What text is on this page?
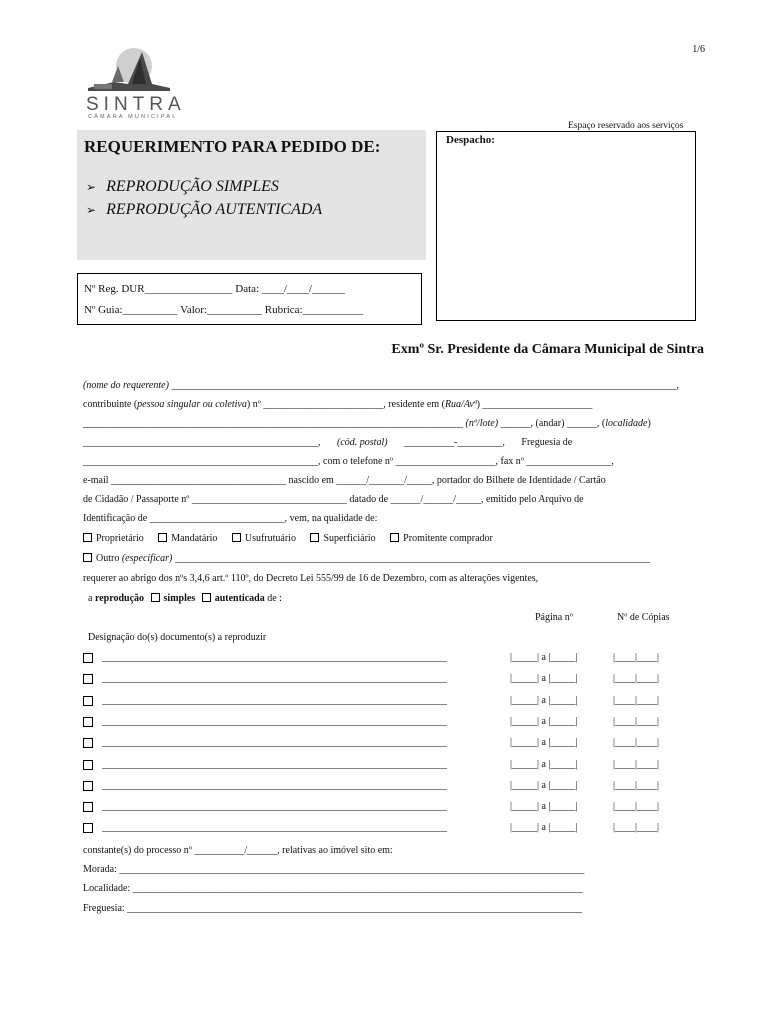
1/6
SINTRA
CÂMARA MUNICIPAL
REQUERIMENTO PARA PEDIDO DE:
➢ REPRODUÇÃO SIMPLES
➢ REPRODUÇÃO AUTENTICADA
Espaço reservado aos serviços
Despacho:
Nº Reg. DUR________________ Data: ____/____/______
Nº Guia:__________ Valor:__________ Rubrica:___________
Exmº Sr. Presidente da Câmara Municipal de Sintra
(nome do requerente) _____________________________________________________________________________________________________,
contribuinte (pessoa singular ou coletiva) nº ________________________, residente em (Rua/Avª) ______________________
____________________________________________________________________________ (nº/lote) ______, (andar) ______, (localidade)
_______________________________________________, (cód. postal) __________-_________, Freguesia de
_______________________________________________, com o telefone nº ____________________, fax nº _________________,
e-mail ___________________________________ nascido em ______/_______/_____, portador do Bilhete de Identidade / Cartão
de Cidadão / Passaporte nº _______________________________ datado de ______/______/_____, emitido pelo Arquivo de
Identificação de ___________________________, vem, na qualidade de:
Proprietário	Mandatário	Usufrutuário	Superficiário	Promitente comprador
Outro (especificar) _______________________________________________________________________________________________
requerer ao abrigo dos nºs 3,4,6 art.º 110º, do Decreto Lei 555/99 de 16 de Dezembro, com as alterações vigentes,
a reprodução simples autenticada de :
Página nº	Nº de Cópias
Designação do(s) documento(s) a reproduzir
_____________________________________________________________________	|_____| a |_____|	|____|____|
_____________________________________________________________________	|_____| a |_____|	|____|____|
_____________________________________________________________________	|_____| a |_____|	|____|____|
_____________________________________________________________________	|_____| a |_____|	|____|____|
_____________________________________________________________________	|_____| a |_____|	|____|____|
_____________________________________________________________________	|_____| a |_____|	|____|____|
_____________________________________________________________________	|_____| a |_____|	|____|____|
_____________________________________________________________________	|_____| a |_____|	|____|____|
_____________________________________________________________________	|_____| a |_____|	|____|____|
constante(s) do processo nº __________/______, relativas ao imóvel sito em:
Morada: _____________________________________________________________________________________________
Localidade: __________________________________________________________________________________________
Freguesia: ___________________________________________________________________________________________
